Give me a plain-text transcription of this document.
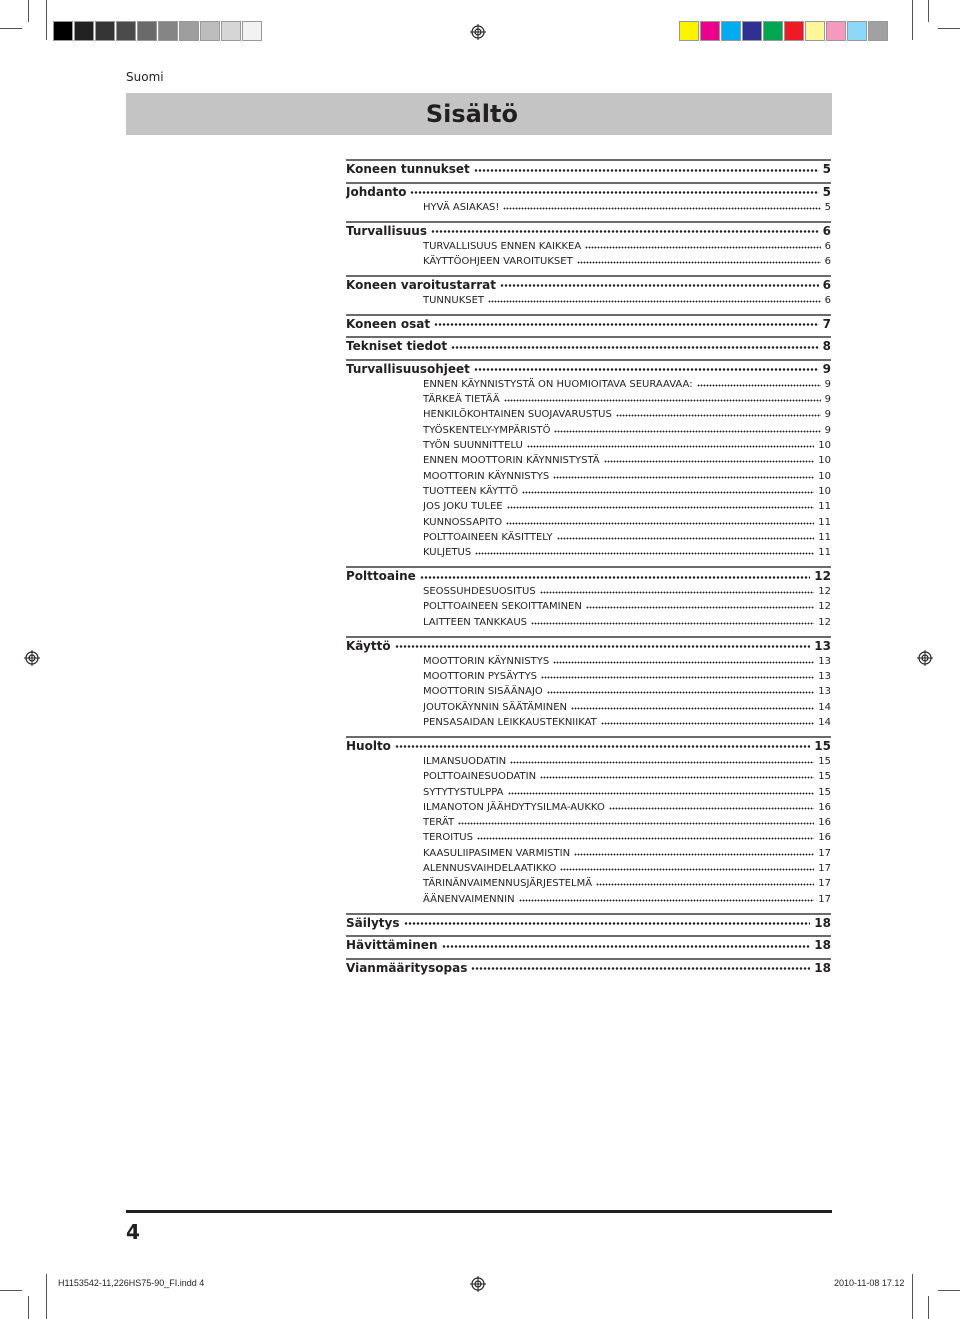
Suomi
Sisältö
Koneen tunnukset	5
Johdanto	5
HYVÄ ASIAKAS!	5
Turvallisuus	6
TURVALLISUUS ENNEN KAIKKEA	6
KÄYTTÖOHJEEN VAROITUKSET	6
Koneen varoitustarrat	6
TUNNUKSET	6
Koneen osat	7
Tekniset tiedot	8
Turvallisuusohjeet	9
ENNEN KÄYNNISTYSTÄ ON HUOMIOITAVA SEURAAVAA:	9
TÄRKEÄ TIETÄÄ	9
HENKILÖKOHTAINEN SUOJAVARUSTUS	9
TYÖSKENTELY-YMPÄRISTÖ	9
TYÖN SUUNNITTELU	10
ENNEN MOOTTORIN KÄYNNISTYSTÄ	10
MOOTTORIN KÄYNNISTYS	10
TUOTTEEN KÄYTTÖ	10
JOS JOKU TULEE	11
KUNNOSSAPITO	11
POLTTOAINEEN KÄSITTELY	11
KULJETUS	11
Polttoaine	12
SEOSSUHDESUOSITUS	12
POLTTOAINEEN SEKOITTAMINEN	12
LAITTEEN TANKKAUS	12
Käyttö	13
MOOTTORIN KÄYNNISTYS	13
MOOTTORIN PYSÄYTYS	13
MOOTTORIN SISÄÄNAJO	13
JOUTOKÄYNNIN SÄÄTÄMINEN	14
PENSASAIDAN LEIKKAUSTEKNIIKAT	14
Huolto	15
ILMANSUODATIN	15
POLTTOAINESUODATIN	15
SYTYTYSTULPPA	15
ILMANOTON JÄÄHDYTYSILMA-AUKKO	16
TERÄT	16
TEROITUS	16
KAASULIIPASIMEN VARMISTIN	17
ALENNUSVAIHDELAATIKKO	17
TÄRINÄNVAIMENNUSJÄRJESTELMÄ	17
ÄÄNENVAIMENNIN	17
Säilytys	18
Hävittäminen	18
Vianmääritysopas	18
4
H1153542-11,226HS75-90_FI.indd 4	2010-11-08 17.12
